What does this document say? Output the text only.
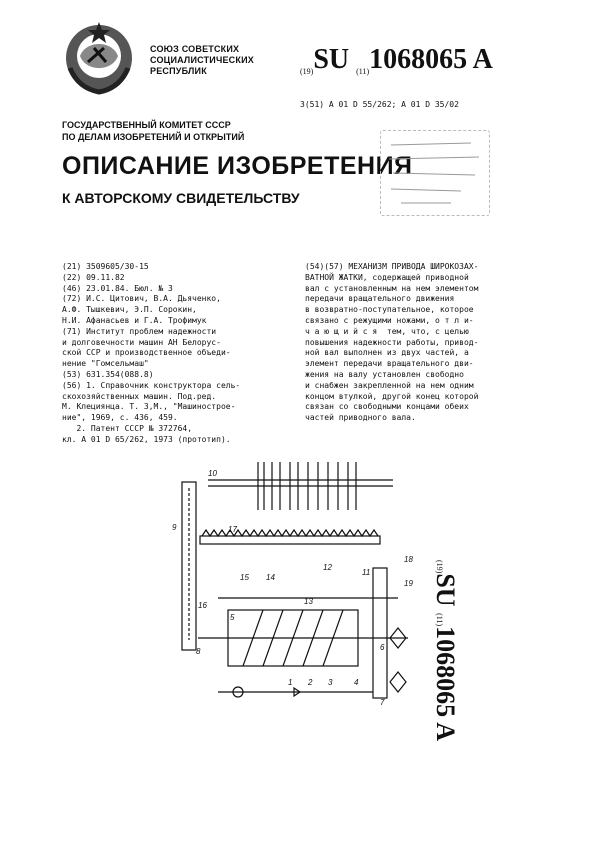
СОЮЗ СОВЕТСКИХ
СОЦИАЛИСТИЧЕСКИХ
РЕСПУБЛИК	(19)SU (11)1068065 A
3(51) A 01 D 55/262; A 01 D 35/02
ГОСУДАРСТВЕННЫЙ КОМИТЕТ СССР
ПО ДЕЛАМ ИЗОБРЕТЕНИЙ И ОТКРЫТИЙ
ОПИСАНИЕ ИЗОБРЕТЕНИЯ
К АВТОРСКОМУ СВИДЕТЕЛЬСТВУ
(21) 3509605/30-15
(22) 09.11.82
(46) 23.01.84. Бюл. № 3
(72) И.С. Цитович, В.А. Дьяченко,
А.Ф. Тышкевич, Э.П. Сорокин,
Н.И. Афанасьев и Г.А. Трофимук
(71) Институт проблем надежности
и долговечности машин АН Белорус-
ской ССР и производственное объеди-
нение "Гомсельмаш"
(53) 631.354(088.8)
(56) 1. Справочник конструктора сель-
скохозяйственных машин. Под.ред.
М. Клециянца. Т. 3,М., "Машинострое-
ние", 1969, с. 436, 459.
2. Патент СССР № 372764,
кл. A 01 D 65/262, 1973 (прототип).
(54)(57) МЕХАНИЗМ ПРИВОДА ШИРОКОЗАХ-
ВАТНОЙ ЖАТКИ, содержащей приводной
вал с установленным на нем элементом
передачи вращательного движения
в возвратно-поступательное, которое
связано с режущими ножами, о т л и-
ч а ю щ и й с я  тем, что, с целью
повышения надежности работы, привод-
ной вал выполнен из двух частей, а
элемент передачи вращательного дви-
жения на валу установлен свободно
и снабжен закрепленной на нем одним
концом втулкой, другой конец которой
связан со свободными концами обеих
частей приводного вала.
(19)SU (11)1068065 A
10
9	17
11
12
13
14
15
16
18
19
5
8	6
1 2 3	4
7
